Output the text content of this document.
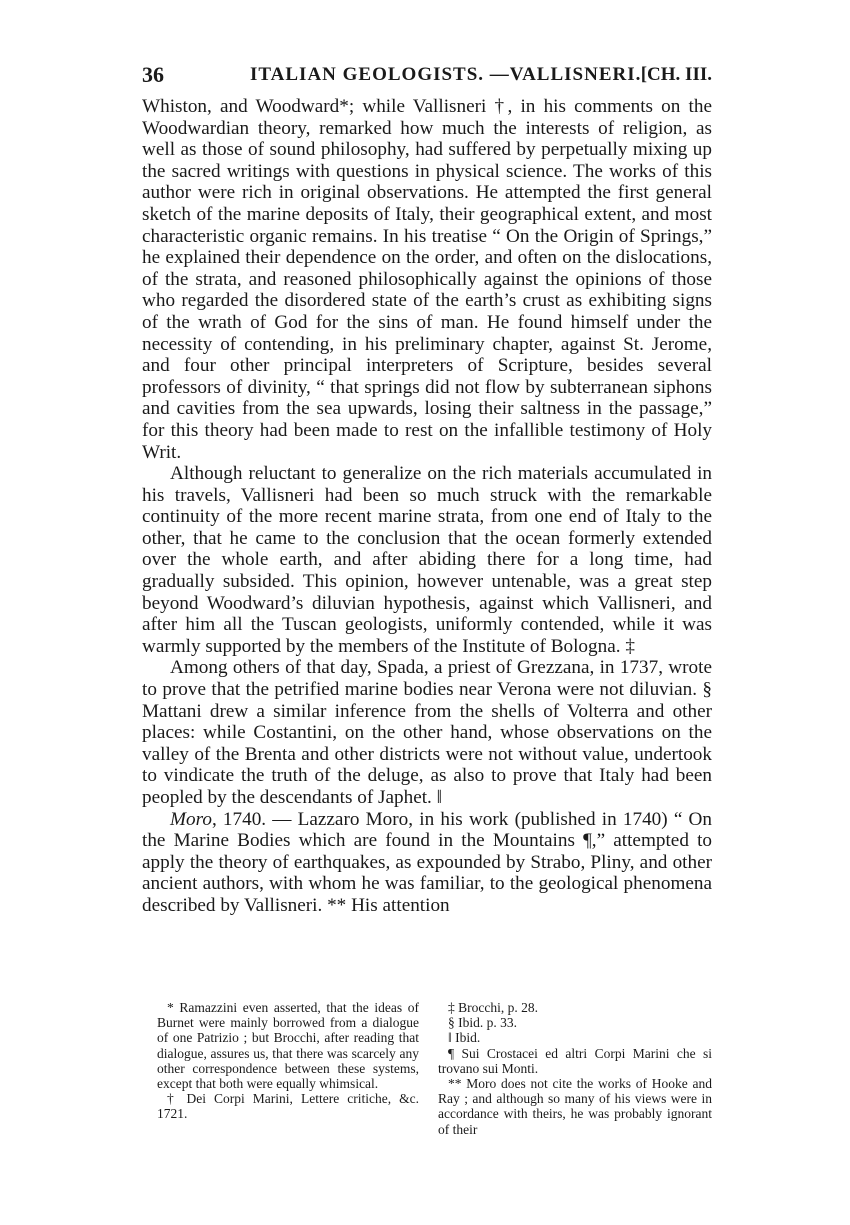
36	ITALIAN GEOLOGISTS. —VALLISNERI. [CH. III.

Whiston, and Woodward*; while Vallisneri †, in his comments on the Woodwardian theory, remarked how much the interests of religion, as well as those of sound philosophy, had suffered by perpetually mixing up the sacred writings with questions in physical science. The works of this author were rich in original observations. He attempted the first general sketch of the marine deposits of Italy, their geographical extent, and most characteristic organic remains. In his treatise “ On the Origin of Springs,” he explained their dependence on the order, and often on the dislocations, of the strata, and reasoned philosophically against the opinions of those who regarded the disordered state of the earth’s crust as exhibiting signs of the wrath of God for the sins of man. He found himself under the necessity of contending, in his preliminary chapter, against St. Jerome, and four other principal interpreters of Scripture, besides several professors of divinity, “ that springs did not flow by subterranean siphons and cavities from the sea upwards, losing their saltness in the passage,” for this theory had been made to rest on the infallible testimony of Holy Writ.

Although reluctant to generalize on the rich materials accumulated in his travels, Vallisneri had been so much struck with the remarkable continuity of the more recent marine strata, from one end of Italy to the other, that he came to the conclusion that the ocean formerly extended over the whole earth, and after abiding there for a long time, had gradually subsided. This opinion, however untenable, was a great step beyond Woodward’s diluvian hypothesis, against which Vallisneri, and after him all the Tuscan geologists, uniformly contended, while it was warmly supported by the members of the Institute of Bologna. ‡

Among others of that day, Spada, a priest of Grezzana, in 1737, wrote to prove that the petrified marine bodies near Verona were not diluvian. § Mattani drew a similar inference from the shells of Volterra and other places: while Costantini, on the other hand, whose observations on the valley of the Brenta and other districts were not without value, undertook to vindicate the truth of the deluge, as also to prove that Italy had been peopled by the descendants of Japhet. ‖

Moro, 1740. — Lazzaro Moro, in his work (published in 1740) “ On the Marine Bodies which are found in the Mountains ¶,” attempted to apply the theory of earthquakes, as expounded by Strabo, Pliny, and other ancient authors, with whom he was familiar, to the geological phenomena described by Vallisneri. ** His attention

* Ramazzini even asserted, that the ideas of Burnet were mainly borrowed from a dialogue of one Patrizio ; but Brocchi, after reading that dialogue, assures us, that there was scarcely any other correspondence between these systems, except that both were equally whimsical.

† Dei Corpi Marini, Lettere critiche, &c. 1721.

‡ Brocchi, p. 28.

§ Ibid. p. 33.

‖ Ibid.

¶ Sui Crostacei ed altri Corpi Marini che si trovano sui Monti.

** Moro does not cite the works of Hooke and Ray ; and although so many of his views were in accordance with theirs, he was probably ignorant of their
